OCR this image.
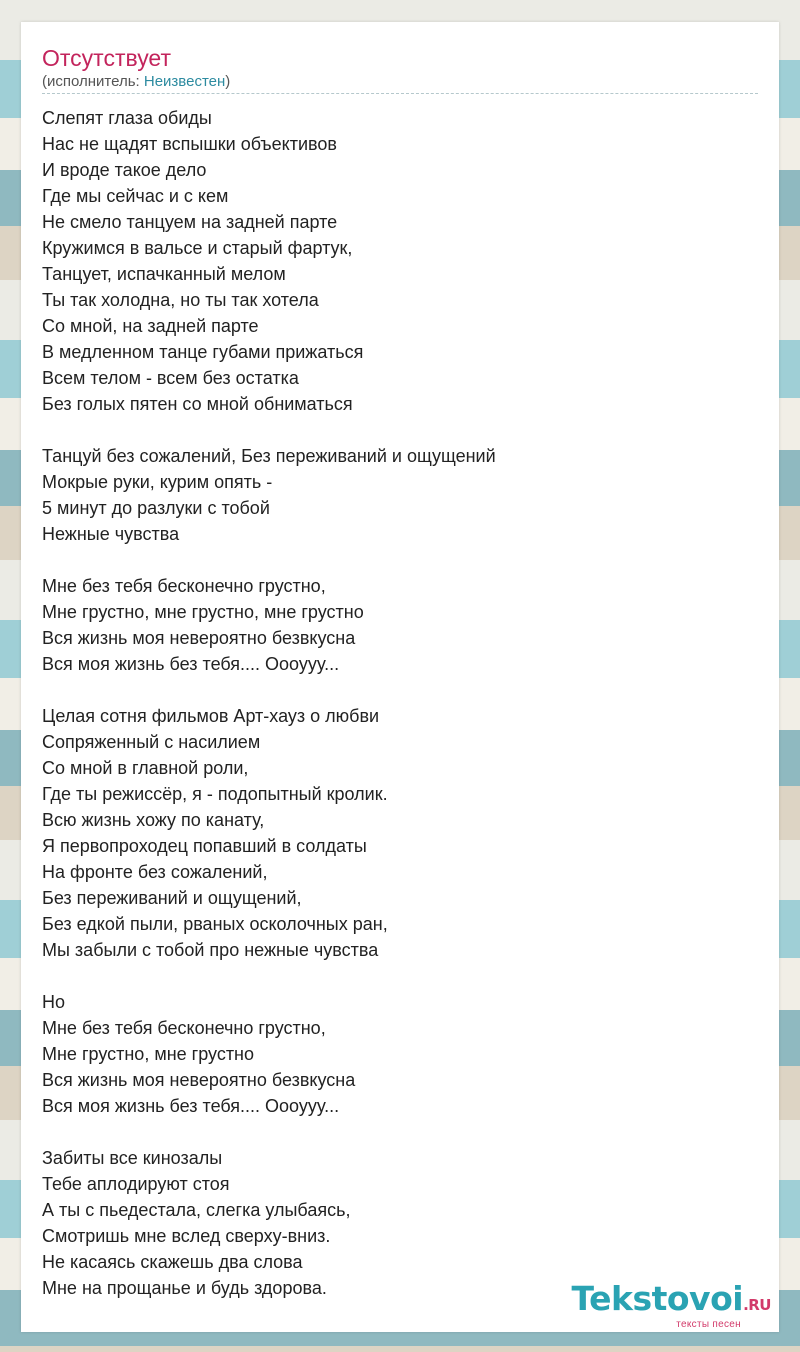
Отсутствует
(исполнитель: Неизвестен)
Слепят глаза обиды
Нас не щадят вспышки объективов
И вроде такое дело
Где мы сейчас и с кем
Не смело танцуем на задней парте
Кружимся в вальсе и старый фартук,
Танцует, испачканный мелом
Ты так холодна, но ты так хотела
Со мной, на задней парте
В медленном танце губами прижаться
Всем телом - всем без остатка
Без голых пятен со мной обниматься
Танцуй без сожалений, Без переживаний и ощущений
Мокрые руки, курим опять -
5 минут до разлуки с тобой
Нежные чувства
Мне без тебя бесконечно грустно,
Мне грустно, мне грустно, мне грустно
Вся жизнь моя невероятно безвкусна
Вся моя жизнь без тебя.... Оооууу...
Целая сотня фильмов Арт-хауз о любви
Сопряженный с насилием
Со мной в главной роли,
Где ты режиссёр, я - подопытный кролик.
Всю жизнь хожу по канату,
Я первопроходец попавший в солдаты
На фронте без сожалений,
Без переживаний и ощущений,
Без едкой пыли, рваных осколочных ран,
Мы забыли с тобой про нежные чувства
Но
Мне без тебя бесконечно грустно,
Мне грустно, мне грустно
Вся жизнь моя невероятно безвкусна
Вся моя жизнь без тебя.... Оооууу...
Забиты все кинозалы
Тебе аплодируют стоя
А ты с пьедестала, слегка улыбаясь,
Смотришь мне вслед сверху-вниз.
Не касаясь скажешь два слова
Мне на прощанье и будь здорова.	Tekstovoi.RU
тексты песен
